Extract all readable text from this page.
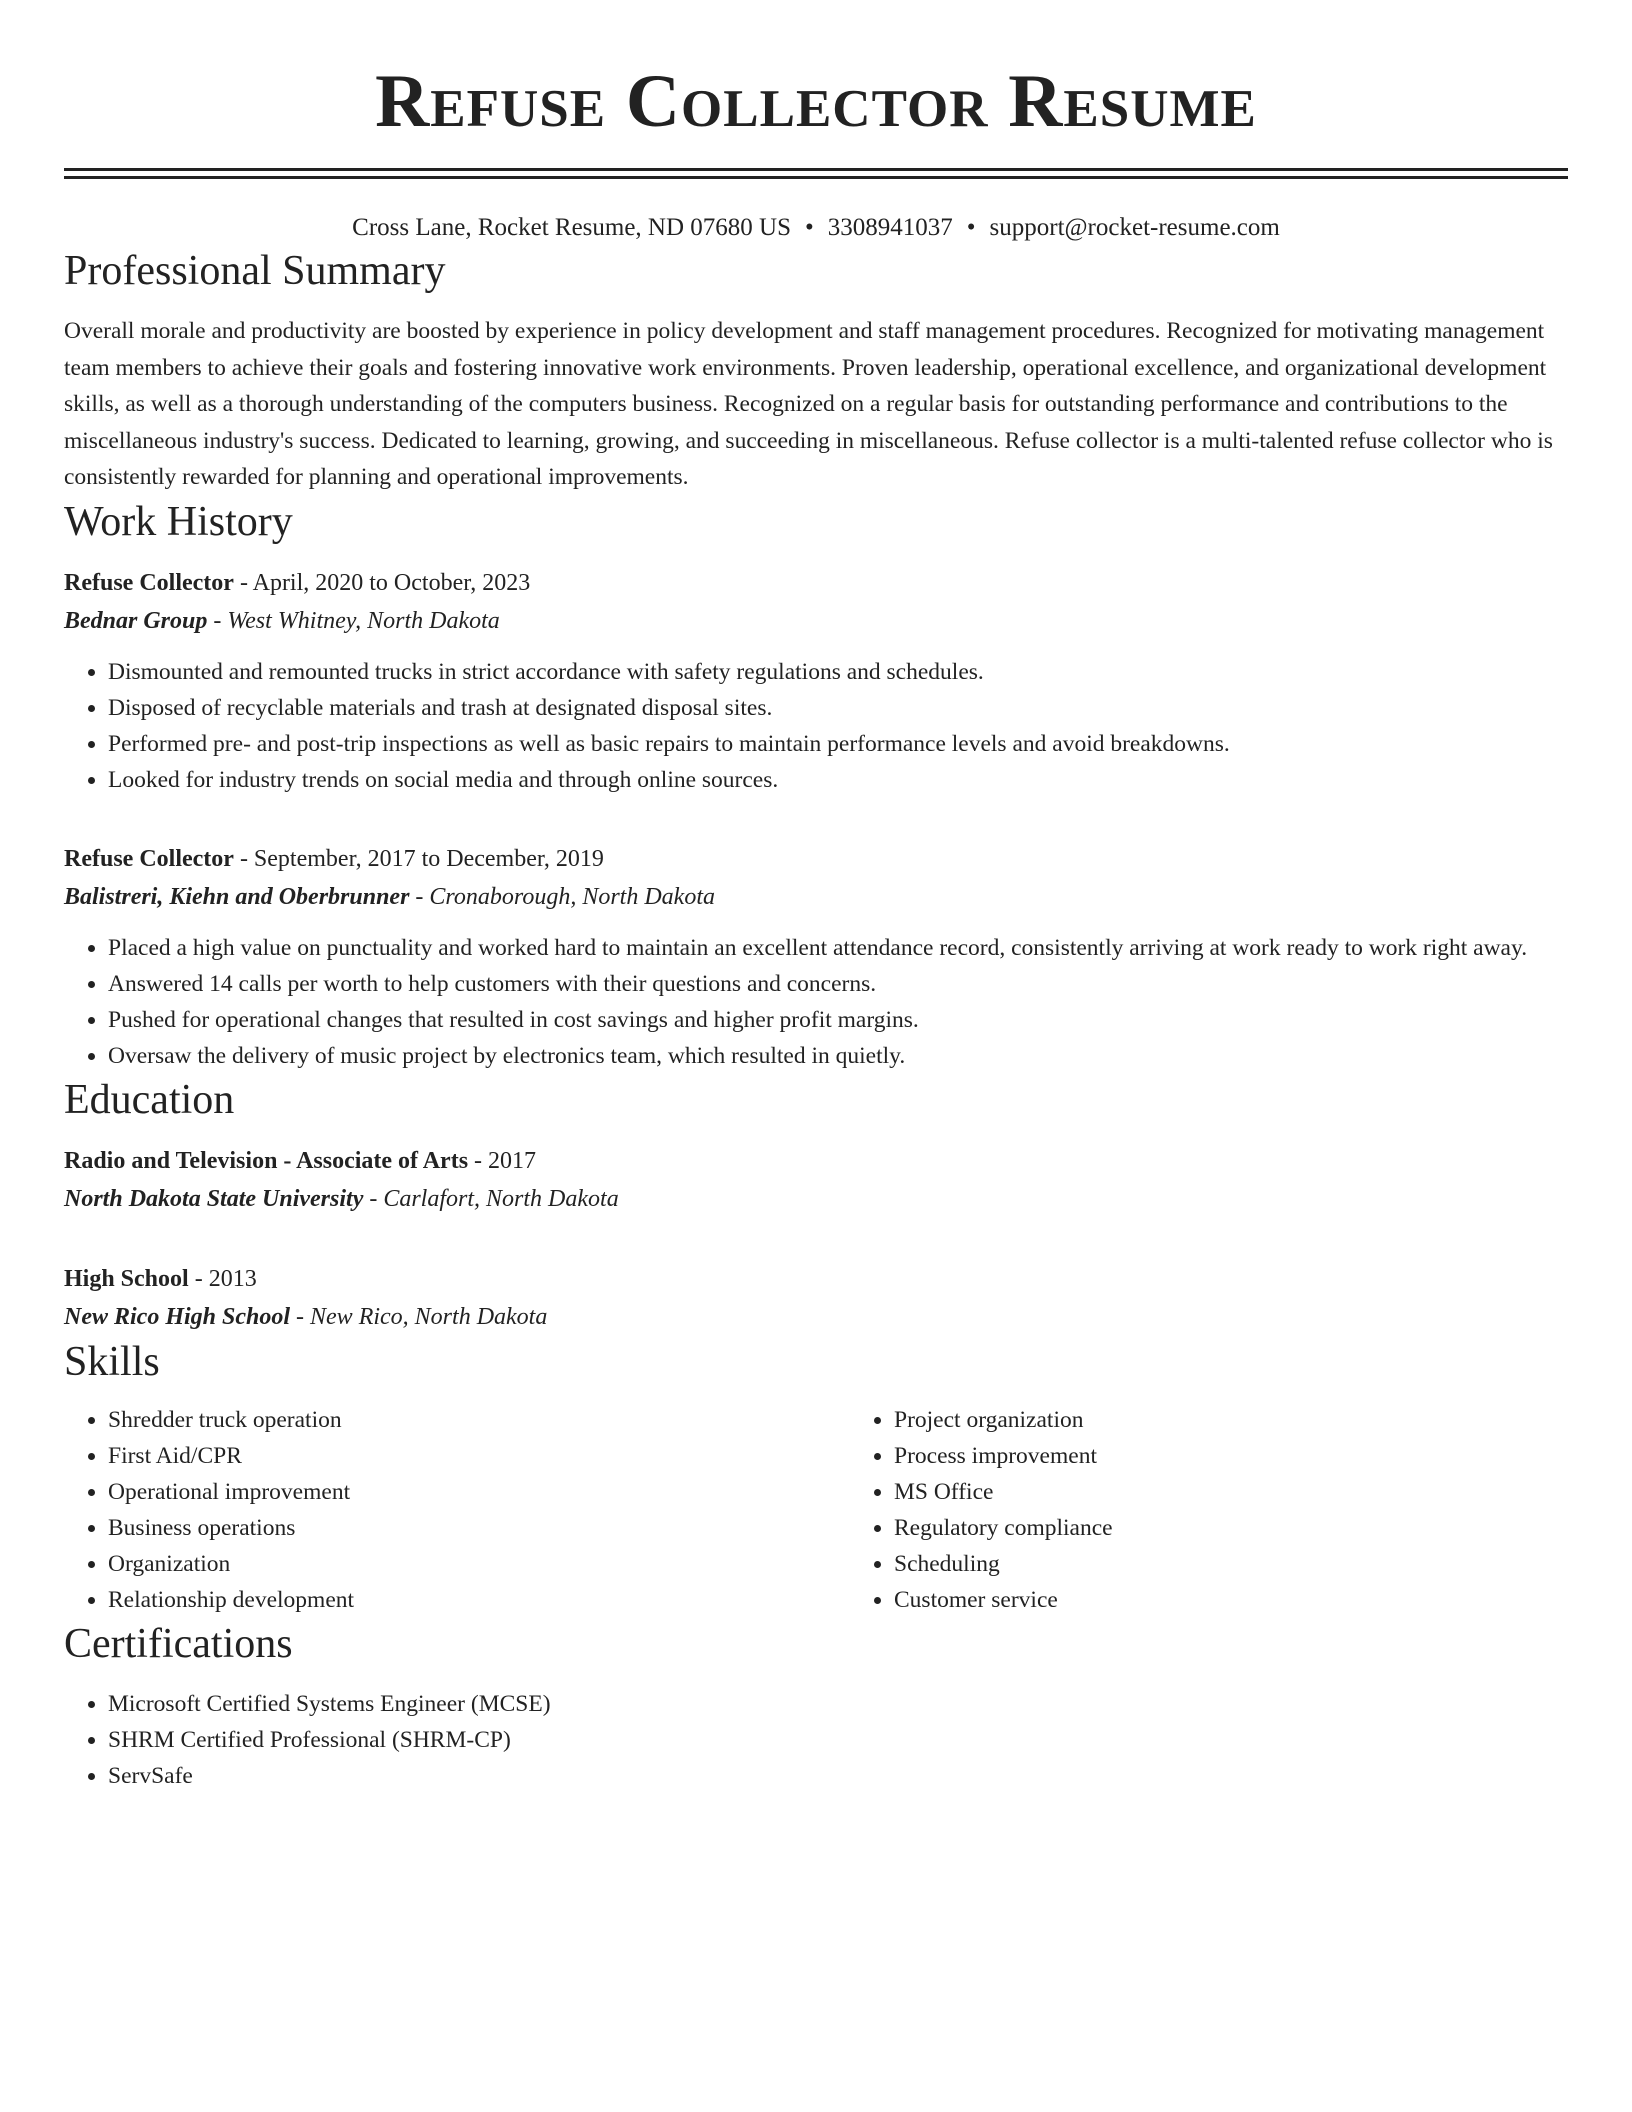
Refuse Collector Resume
Cross Lane, Rocket Resume, ND 07680 US • 3308941037 • support@rocket-resume.com
Professional Summary
Overall morale and productivity are boosted by experience in policy development and staff management procedures. Recognized for motivating management team members to achieve their goals and fostering innovative work environments. Proven leadership, operational excellence, and organizational development skills, as well as a thorough understanding of the computers business. Recognized on a regular basis for outstanding performance and contributions to the miscellaneous industry's success. Dedicated to learning, growing, and succeeding in miscellaneous. Refuse collector is a multi-talented refuse collector who is consistently rewarded for planning and operational improvements.
Work History
Refuse Collector - April, 2020 to October, 2023
Bednar Group - West Whitney, North Dakota
• Dismounted and remounted trucks in strict accordance with safety regulations and schedules.
• Disposed of recyclable materials and trash at designated disposal sites.
• Performed pre- and post-trip inspections as well as basic repairs to maintain performance levels and avoid breakdowns.
• Looked for industry trends on social media and through online sources.
Refuse Collector - September, 2017 to December, 2019
Balistreri, Kiehn and Oberbrunner - Cronaborough, North Dakota
• Placed a high value on punctuality and worked hard to maintain an excellent attendance record, consistently arriving at work ready to work right away.
• Answered 14 calls per worth to help customers with their questions and concerns.
• Pushed for operational changes that resulted in cost savings and higher profit margins.
• Oversaw the delivery of music project by electronics team, which resulted in quietly.
Education
Radio and Television - Associate of Arts - 2017
North Dakota State University - Carlafort, North Dakota
High School - 2013
New Rico High School - New Rico, North Dakota
Skills
• Shredder truck operation
• First Aid/CPR
• Operational improvement
• Business operations
• Organization
• Relationship development
• Project organization
• Process improvement
• MS Office
• Regulatory compliance
• Scheduling
• Customer service
Certifications
• Microsoft Certified Systems Engineer (MCSE)
• SHRM Certified Professional (SHRM-CP)
• ServSafe
